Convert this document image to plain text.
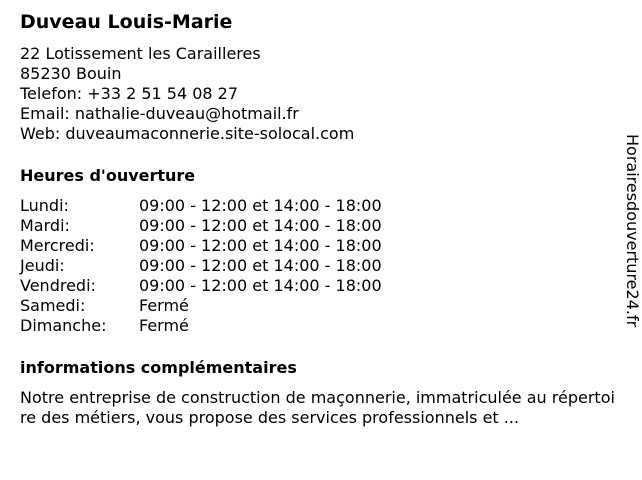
Duveau Louis-Marie
22 Lotissement les Carailleres
85230 Bouin
Telefon: +33 2 51 54 08 27
Email: nathalie-duveau@hotmail.fr
Web: duveaumaconnerie.site-solocal.com
Heures d'ouverture
Lundi:	09:00 - 12:00 et 14:00 - 18:00
Mardi:	09:00 - 12:00 et 14:00 - 18:00
Mercredi:	09:00 - 12:00 et 14:00 - 18:00
Jeudi:	09:00 - 12:00 et 14:00 - 18:00
Vendredi:	09:00 - 12:00 et 14:00 - 18:00
Samedi:	Fermé
Dimanche:	Fermé
informations complémentaires
Notre entreprise de construction de maçonnerie, immatriculée au répertoire des métiers, vous propose des services professionnels et ...
Horairesdouverture24.fr
